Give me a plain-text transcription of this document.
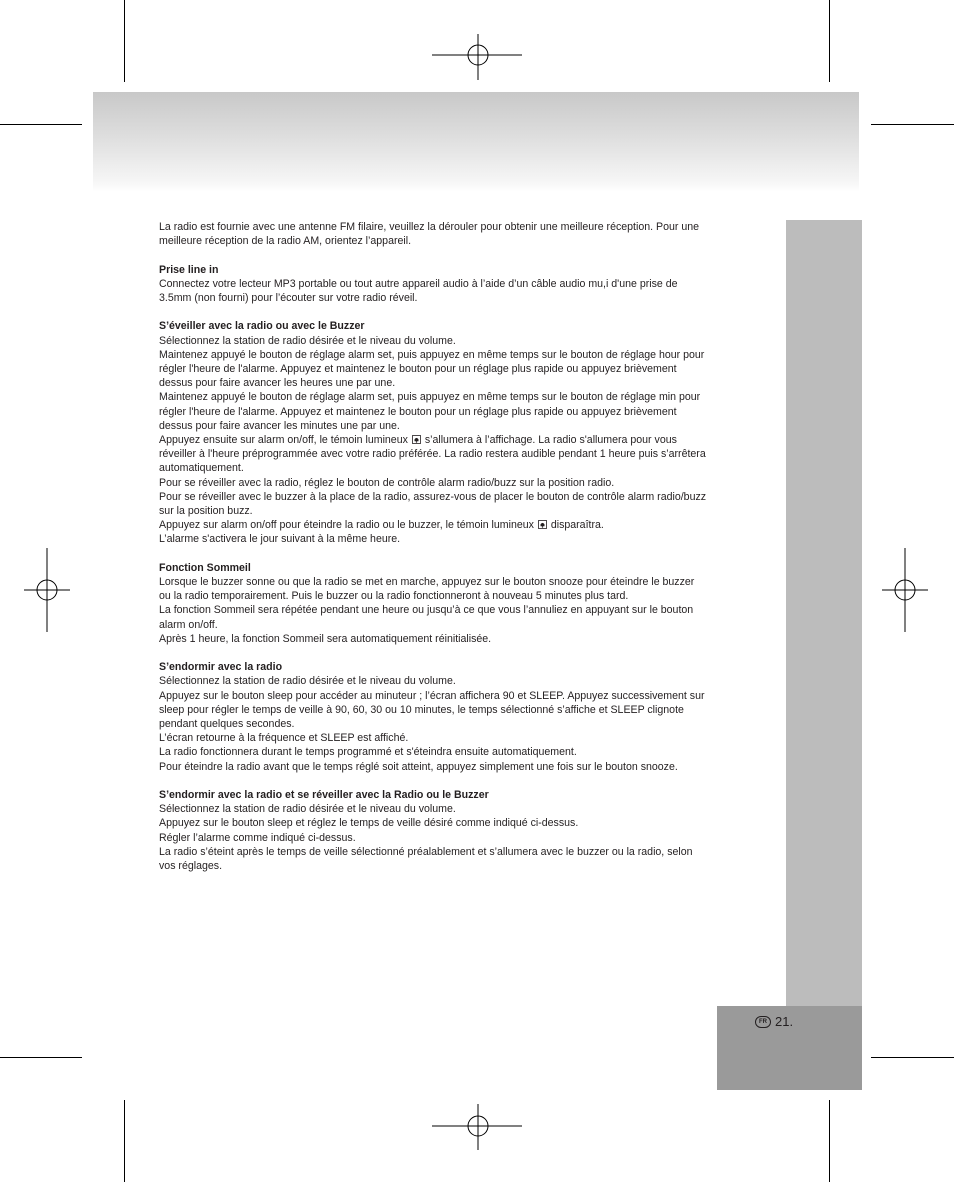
La radio est fournie avec une antenne FM filaire, veuillez la dérouler pour obtenir une meilleure réception. Pour une

meilleure réception de la radio AM, orientez l’appareil.

Prise line in

Connectez votre lecteur MP3 portable ou tout autre appareil audio à l’aide d’un câble audio mu,i d'une prise de

3.5mm (non fourni) pour l’écouter sur votre radio réveil.

S’éveiller avec la radio ou avec le Buzzer

Sélectionnez la station de radio désirée et le niveau du volume.

Maintenez appuyé le bouton de réglage alarm set, puis appuyez en même temps sur le bouton de réglage hour pour

régler l'heure de l'alarme. Appuyez et maintenez le bouton pour un réglage plus rapide ou appuyez brièvement

dessus pour faire avancer les heures une par une.

Maintenez appuyé le bouton de réglage alarm set, puis appuyez en même temps sur le bouton de réglage min pour

régler l'heure de l'alarme. Appuyez et maintenez le bouton pour un réglage plus rapide ou appuyez brièvement

dessus pour faire avancer les minutes une par une.

Appuyez ensuite sur alarm on/off, le témoin lumineux s’allumera à l’affichage. La radio s'allumera pour vous

réveiller à l'heure préprogrammée avec votre radio préférée. La radio restera audible pendant 1 heure puis s’arrêtera

automatiquement.

Pour se réveiller avec la radio, réglez le bouton de contrôle alarm radio/buzz sur la position radio.

Pour se réveiller avec le buzzer à la place de la radio, assurez-vous de placer le bouton de contrôle alarm radio/buzz

sur la position buzz.

Appuyez sur alarm on/off pour éteindre la radio ou le buzzer, le témoin lumineux disparaîtra.

L’alarme s'activera le jour suivant à la même heure.

Fonction Sommeil

Lorsque le buzzer sonne ou que la radio se met en marche, appuyez sur le bouton snooze pour éteindre le buzzer

ou la radio temporairement. Puis le buzzer ou la radio fonctionneront à nouveau 5 minutes plus tard.

La fonction Sommeil sera répétée pendant une heure ou jusqu’à ce que vous l’annuliez en appuyant sur le bouton

alarm on/off.

Après 1 heure, la fonction Sommeil sera automatiquement réinitialisée.

S’endormir avec la radio

Sélectionnez la station de radio désirée et le niveau du volume.

Appuyez sur le bouton sleep pour accéder au minuteur ; l’écran affichera 90 et SLEEP. Appuyez successivement sur

sleep pour régler le temps de veille à 90, 60, 30 ou 10 minutes, le temps sélectionné s’affiche et SLEEP clignote

pendant quelques secondes.

L’écran retourne à la fréquence et SLEEP est affiché.

La radio fonctionnera durant le temps programmé et s'éteindra ensuite automatiquement.

Pour éteindre la radio avant que le temps réglé soit atteint, appuyez simplement une fois sur le bouton snooze.

S’endormir avec la radio et se réveiller avec la Radio ou le Buzzer

Sélectionnez la station de radio désirée et le niveau du volume.

Appuyez sur le bouton sleep et réglez le temps de veille désiré comme indiqué ci-dessus.

Régler l’alarme comme indiqué ci-dessus.

La radio s’éteint après le temps de veille sélectionné préalablement et s’allumera avec le buzzer ou la radio, selon

vos réglages.

FR 21.
